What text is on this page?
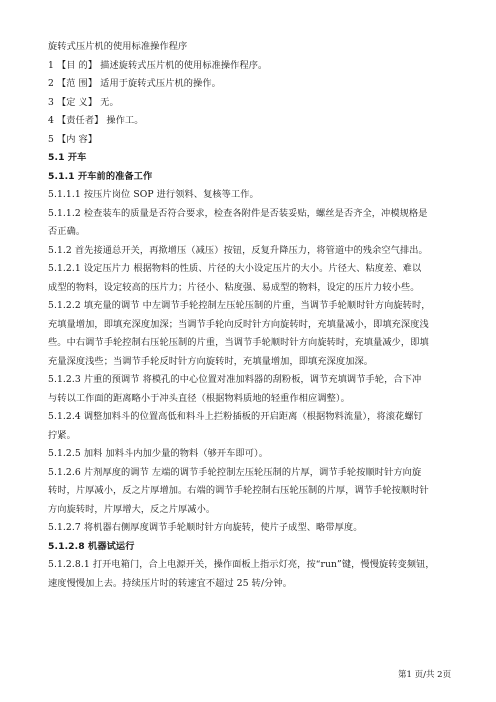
旋转式压片机的使用标准操作程序
1 【目 的】 描述旋转式压片机的使用标准操作程序。
2 【范 围】 适用于旋转式压片机的操作。
3 【定 义】 无。
4 【责任者】 操作工。
5 【内 容】
5.1 开车
5.1.1 开车前的准备工作
5.1.1.1 按压片岗位 SOP 进行领料、复核等工作。
5.1.1.2 检查装车的质量是否符合要求，检查各附件是否装妥贴，螺丝是否齐全，冲模规格是
否正确。
5.1.2 首先接通总开关，再揿增压（减压）按钮，反复升降压力，将管道中的残余空气排出。
5.1.2.1 设定压片力 根据物料的性质、片径的大小设定压片的大小。片径大、粘度差、难以
成型的物料，设定较高的压片力；片径小、粘度强、易成型的物料，设定的压片力较小些。
5.1.2.2 填充量的调节 中左调节手轮控制左压轮压制的片重，当调节手轮顺时针方向旋转时，
充填量增加，即填充深度加深；当调节手轮向反时针方向旋转时，充填量减小，即填充深度浅
些。中右调节手轮控制右压轮压制的片重，当调节手轮顺时针方向旋转时，充填量减少，即填
充量深度浅些；当调节手轮反时针方向旋转时，充填量增加，即填充深度加深。
5.1.2.3 片重的预调节 将模孔的中心位置对准加料器的刮粉板，调节充填调节手轮，合下冲
与转以工作面的距离略小于冲头直径（根据物料质地的轻重作相应调整）。
5.1.2.4 调整加料斗的位置高低和料斗上拦粉插板的开启距离（根据物料流量），将滚花螺钉
拧紧。
5.1.2.5 加料 加料斗内加少量的物料（够开车即可）。
5.1.2.6 片剂厚度的调节 左端的调节手轮控制左压轮压制的片厚，调节手轮按顺时针方向旋
转时，片厚减小，反之片厚增加。右端的调节手轮控制右压轮压制的片厚，调节手轮按顺时针
方向旋转时，片厚增大，反之片厚减小。
5.1.2.7 将机器右侧厚度调节手轮顺时针方向旋转，使片子成型、略带厚度。
5.1.2.8 机器试运行
5.1.2.8.1 打开电箱门，合上电源开关，操作面板上指示灯亮，按“run”键，慢慢旋转变频钮，
速度慢慢加上去。持续压片时的转速宜不超过 25 转/分钟。
第1 页/共 2页
